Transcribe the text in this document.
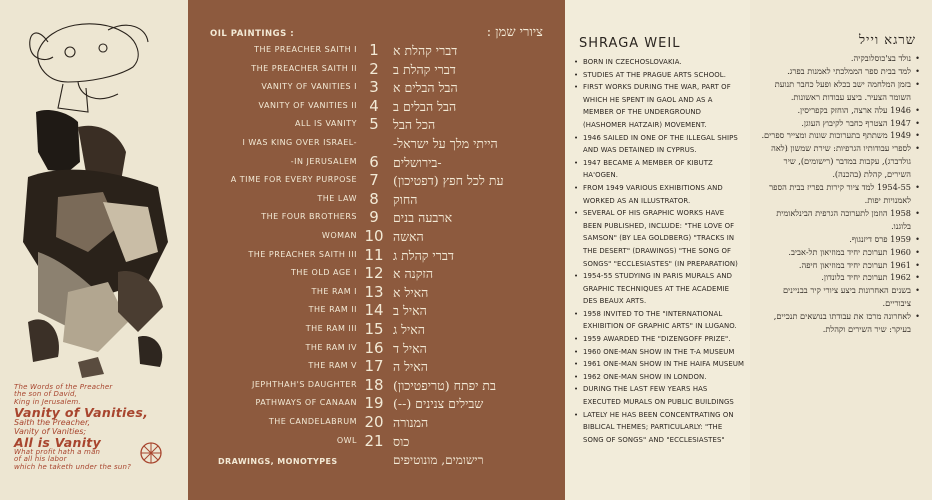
The Words of the Preacher
the son of David,
King in Jerusalem.
Vanity of Vanities,
Saith the Preacher,
Vanity of Vanities;
All is Vanity
What profit hath a man
of all his labor
which he taketh under the sun?
OIL PAINTINGS :	ציורי שמן :
THE PREACHER SAITH I 1	דברי קהלת א
THE PREACHER SAITH II 2	דברי קהלת ב
VANITY OF VANITIES I 3	הבל הבלים א
VANITY OF VANITIES II 4	הבל הבלים ב
ALL IS VANITY 5	הכל הבל
I WAS KING OVER ISRAEL-	הייתי מלך על ישראל-
-IN JERUSALEM 6	-בירושלים
A TIME FOR EVERY PURPOSE 7	עת לכל חפץ (דפטיכון)
THE LAW 8	החוק
THE FOUR BROTHERS 9	ארבעה בנים
WOMAN 10 האשה
THE PREACHER SAITH III 11 דברי קהלת ג
THE OLD AGE I 12 הזקנה א
THE RAM I 13 האיל א
THE RAM II 14 האיל ב
THE RAM III 15 האיל ג
THE RAM IV 16 האיל ד
THE RAM V 17 האיל ה
JEPHTHAH'S DAUGHTER 18 בת יפתח (טריפטיכון)
PATHWAYS OF CANAAN 19 שבילים צנינים (--)
THE CANDELABRUM 20 המנורה
OWL 21 כוס
DRAWINGS, MONOTYPES	רישומים, מונוטיפים
SHRAGA WEIL
• BORN IN CZECHOSLOVAKIA.
• STUDIES AT THE PRAGUE ARTS SCHOOL.
• FIRST WORKS DURING THE WAR, PART OF WHICH HE SPENT IN GAOL AND AS A MEMBER OF THE UNDERGROUND (HASHOMER HATZAIR) MOVEMENT.
• 1946 SAILED IN ONE OF THE ILLEGAL SHIPS AND WAS DETAINED IN CYPRUS.
• 1947 BECAME A MEMBER OF KIBUTZ HA'OGEN.
• FROM 1949 VARIOUS EXHIBITIONS AND WORKED AS AN ILLUSTRATOR.
• SEVERAL OF HIS GRAPHIC WORKS HAVE BEEN PUBLISHED, INCLUDE: "THE LOVE OF SAMSON" (BY LEA GOLDBERG) "TRACKS IN THE DESERT" (DRAWINGS) "THE SONG OF SONGS" "ECCLESIASTES" (IN PREPARATION)
• 1954-55 STUDYING IN PARIS MURALS AND GRAPHIC TECHNIQUES AT THE ACADEMIE DES BEAUX ARTS.
• 1958 INVITED TO THE "INTERNATIONAL EXHIBITION OF GRAPHIC ARTS" IN LUGANO.
• 1959 AWARDED THE "DIZENGOFF PRIZE".
• 1960 ONE-MAN SHOW IN THE T-A MUSEUM
• 1961 ONE-MAN SHOW IN THE HAIFA MUSEUM
• 1962 ONE-MAN SHOW IN LONDON.
• DURING THE LAST FEW YEARS HAS EXECUTED MURALS ON PUBLIC BUILDINGS
• LATELY HE HAS BEEN CONCENTRATING ON BIBLICAL THEMES; PARTICULARLY: "THE SONG OF SONGS" AND "ECCLESIASTES"
שרגא וייל
• נולד בצ'כוסלובקיה.
• למד בבית ספר הממלכתי לאמנות בפרג.
• בזמן המלחמה ישב בכלא ופעל כחבר תנועת השומר הצעיר. ביצע עבודות ראשונות.
• 1946 עלה ארצה, הוחזק בקפריסין.
• 1947 הצטרף כחבר לקיבוץ העוגן.
• 1949 משתתף בתערוכות שונות ומצייר ספרים.
• לספרי עבודותיו הגרפיות: שירת שמשון (לאה גולדברג), עקבות במדבר (רישומים), שיר השירים, קהלת (בהכנה).
• 1954-55 למד ציור קירות בפריז בבית הספר לאמנויות יפות.
• 1958 הוזמן לתערוכה הגרפית הבינלאומית בלוגנו.
• 1959 פרס דיזנגוף.
• 1960 תערוכת יחיד במוזיאון תל-אביב.
• 1961 תערוכת יחיד במוזיאון חיפה.
• 1962 תערוכת יחיד בלונדון.
• בשנים האחרונות ביצע ציורי קיר בבניינים ציבוריים.
• לאחרונה מרכז את עבודתו בנושאים תנכיים, בעיקר: שיר השירים וקהלת.
